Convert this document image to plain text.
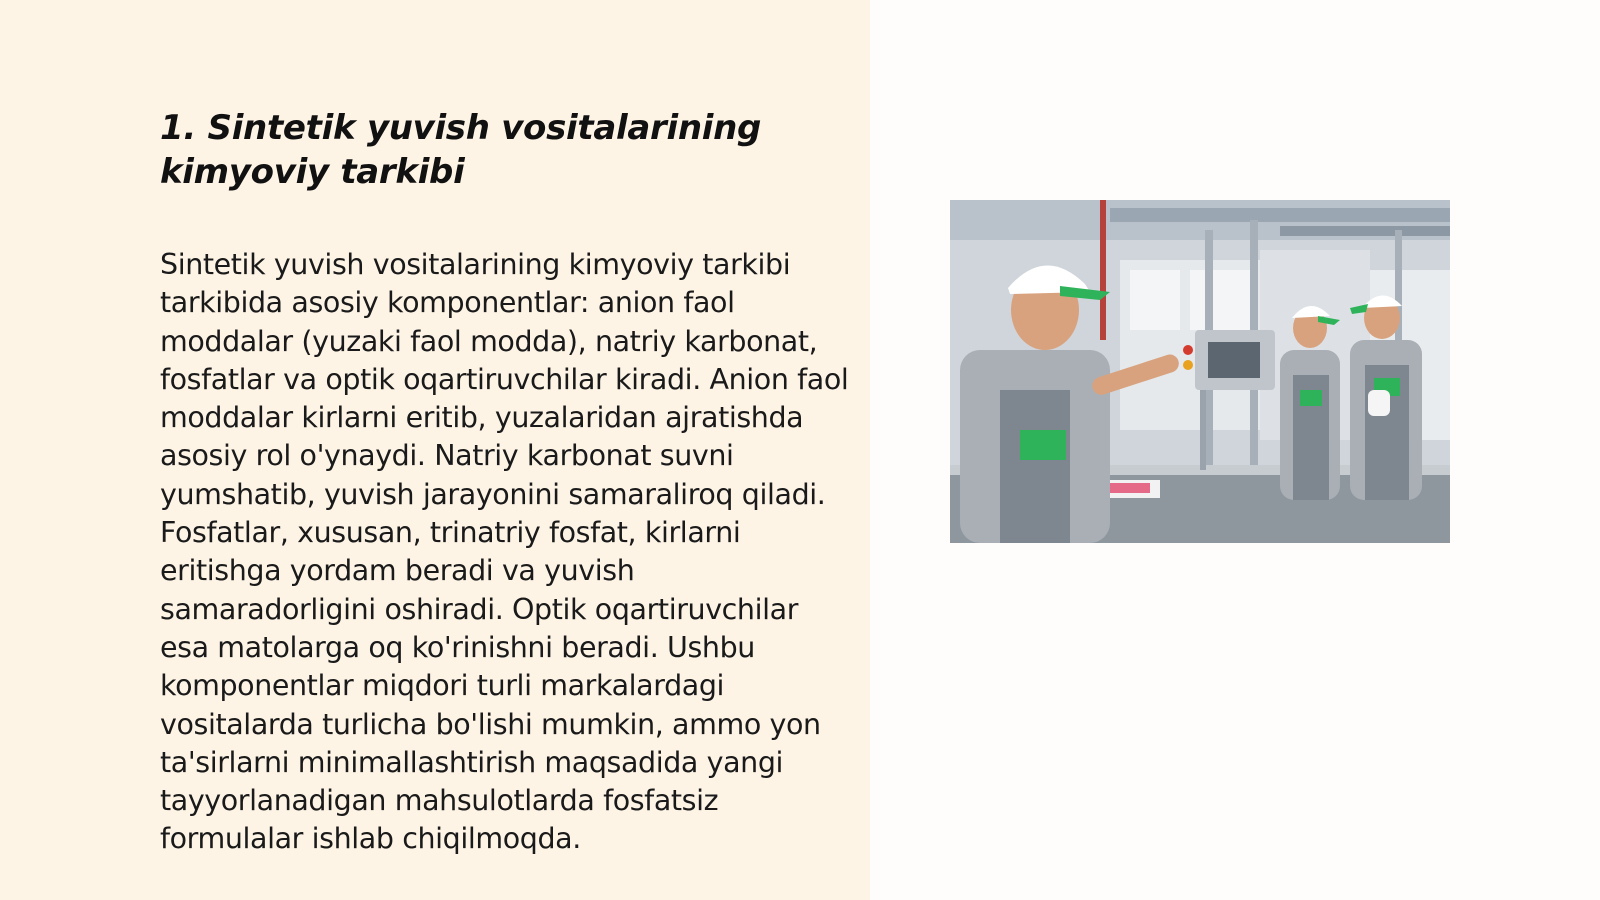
1. Sintetik yuvish vositalarining
kimyoviy tarkibi

Sintetik yuvish vositalarining kimyoviy tarkibi tarkibida asosiy komponentlar: anion faol moddalar (yuzaki faol modda), natriy karbonat, fosfatlar va optik oqartiruvchilar kiradi. Anion faol moddalar kirlarni eritib, yuzalaridan ajratishda asosiy rol o'ynaydi. Natriy karbonat suvni yumshatib, yuvish jarayonini samaraliroq qiladi. Fosfatlar, xususan, trinatriy fosfat, kirlarni eritishga yordam beradi va yuvish samaradorligini oshiradi. Optik oqartiruvchilar esa matolarga oq ko'rinishni beradi. Ushbu komponentlar miqdori turli markalardagi vositalarda turlicha bo'lishi mumkin, ammo yon ta'sirlarni minimallashtirish maqsadida yangi tayyorlanadigan mahsulotlarda fosfatsiz formulalar ishlab chiqilmoqda.
